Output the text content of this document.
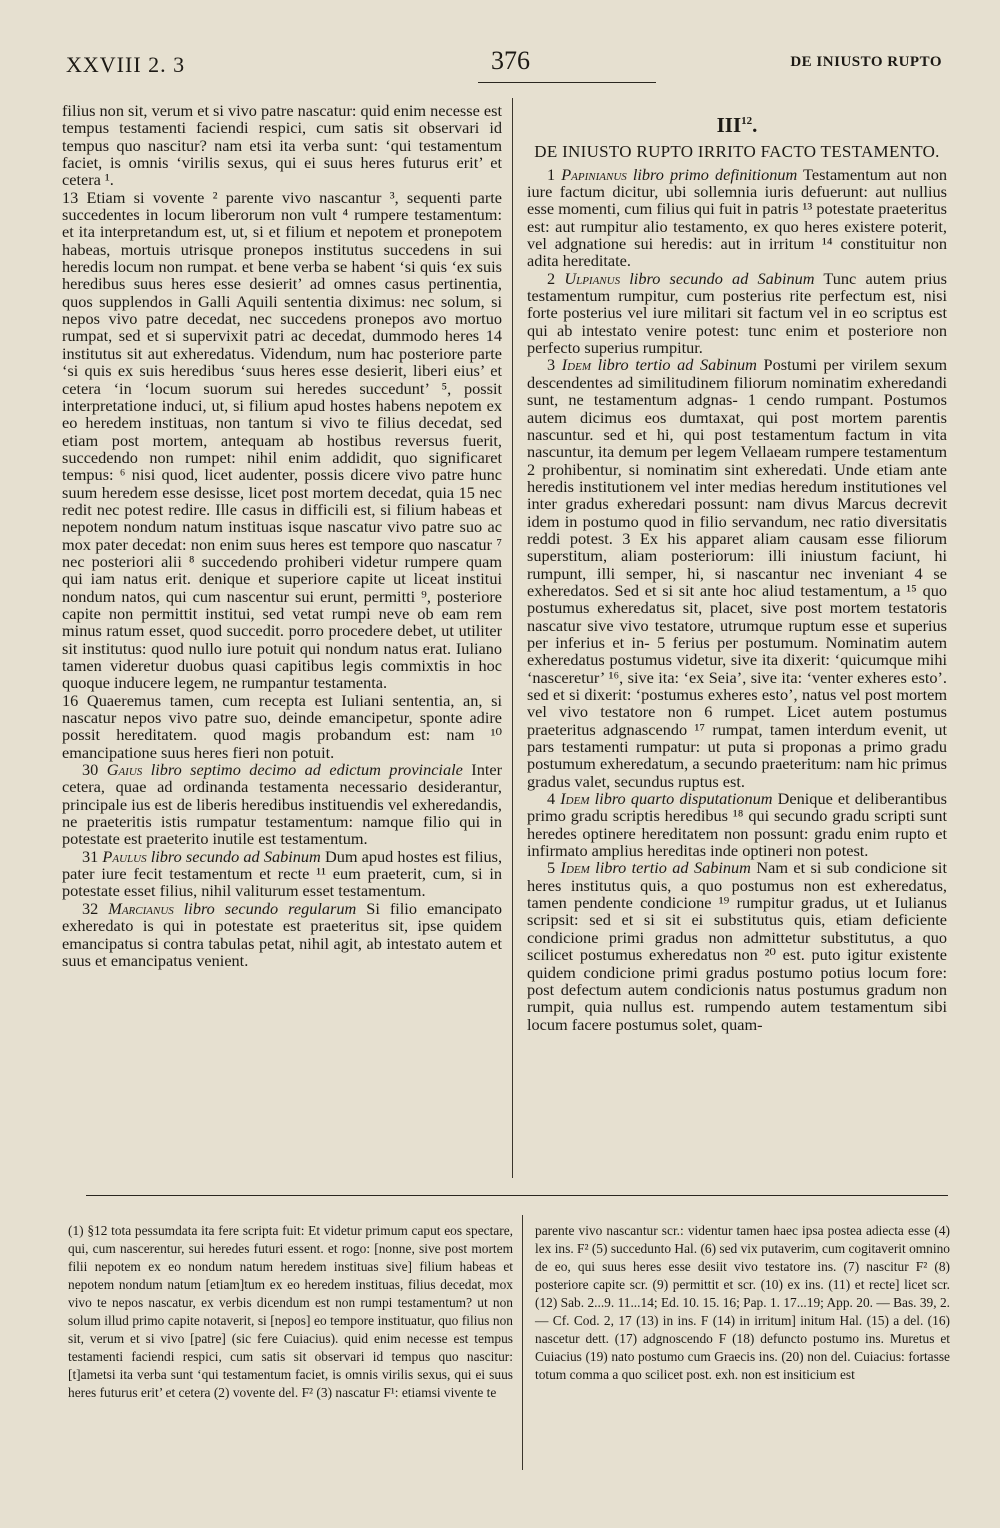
XXVIII 2. 3	376	DE INIUSTO RUPTO

filius non sit, verum et si vivo patre nascatur: quid enim necesse est tempus testamenti faciendi respici, cum satis sit observari id tempus quo nascitur? nam etsi ita verba sunt: ‘qui testamentum faciet, is omnis ‘virilis sexus, qui ei suus heres futurus erit’ et cetera ¹.

13 Etiam si vovente ² parente vivo nascantur ³, sequenti parte succedentes in locum liberorum non vult ⁴ rumpere testamentum: et ita interpretandum est, ut, si et filium et nepotem et pronepotem habeas, mortuis utrisque pronepos institutus succedens in sui heredis locum non rumpat. et bene verba se habent ‘si quis ‘ex suis heredibus suus heres esse desierit’ ad omnes casus pertinentia, quos supplendos in Galli Aquili sententia diximus: nec solum, si nepos vivo patre decedat, nec succedens pronepos avo mortuo rumpat, sed et si supervixit patri ac decedat, dummodo heres 14 institutus sit aut exheredatus. Videndum, num hac posteriore parte ‘si quis ex suis heredibus ‘suus heres esse desierit, liberi eius’ et cetera ‘in ‘locum suorum sui heredes succedunt’ ⁵, possit interpretatione induci, ut, si filium apud hostes habens nepotem ex eo heredem instituas, non tantum si vivo te filius decedat, sed etiam post mortem, antequam ab hostibus reversus fuerit, succedendo non rumpet: nihil enim addidit, quo significaret tempus: ⁶ nisi quod, licet audenter, possis dicere vivo patre hunc suum heredem esse desisse, licet post mortem decedat, quia 15 nec redit nec potest redire. Ille casus in difficili est, si filium habeas et nepotem nondum natum instituas isque nascatur vivo patre suo ac mox pater decedat: non enim suus heres est tempore quo nascatur ⁷ nec posteriori alii ⁸ succedendo prohiberi videtur rumpere quam qui iam natus erit. denique et superiore capite ut liceat institui nondum natos, qui cum nascentur sui erunt, permitti ⁹, posteriore capite non permittit institui, sed vetat rumpi neve ob eam rem minus ratum esset, quod succedit. porro procedere debet, ut utiliter sit institutus: quod nullo iure potuit qui nondum natus erat. Iuliano tamen videretur duobus quasi capitibus legis commixtis in hoc quoque inducere legem, ne rumpantur testamenta.

16 Quaeremus tamen, cum recepta est Iuliani sententia, an, si nascatur nepos vivo patre suo, deinde emancipetur, sponte adire possit hereditatem. quod magis probandum est: nam ¹⁰ emancipatione suus heres fieri non potuit.

30 Gaius libro septimo decimo ad edictum provinciale Inter cetera, quae ad ordinanda testamenta necessario desiderantur, principale ius est de liberis heredibus instituendis vel exheredandis, ne praeteritis istis rumpatur testamentum: namque filio qui in potestate est praeterito inutile est testamentum.

31 Paulus libro secundo ad Sabinum Dum apud hostes est filius, pater iure fecit testamentum et recte ¹¹ eum praeterit, cum, si in potestate esset filius, nihil valiturum esset testamentum.

32 Marcianus libro secundo regularum Si filio emancipato exheredato is qui in potestate est praeteritus sit, ipse quidem emancipatus si contra tabulas petat, nihil agit, ab intestato autem et suus et emancipatus venient.

III$^{12}$.
DE INIUSTO RUPTO IRRITO FACTO TESTAMENTO.

1 Papinianus libro primo definitionum Testamentum aut non iure factum dicitur, ubi sollemnia iuris defuerunt: aut nullius esse momenti, cum filius qui fuit in patris ¹³ potestate praeteritus est: aut rumpitur alio testamento, ex quo heres existere poterit, vel adgnatione sui heredis: aut in irritum ¹⁴ constituitur non adita hereditate.

2 Ulpianus libro secundo ad Sabinum Tunc autem prius testamentum rumpitur, cum posterius rite perfectum est, nisi forte posterius vel iure militari sit factum vel in eo scriptus est qui ab intestato venire potest: tunc enim et posteriore non perfecto superius rumpitur.

3 Idem libro tertio ad Sabinum Postumi per virilem sexum descendentes ad similitudinem filiorum nominatim exheredandi sunt, ne testamentum adgnas- 1 cendo rumpant. Postumos autem dicimus eos dumtaxat, qui post mortem parentis nascuntur. sed et hi, qui post testamentum factum in vita nascuntur, ita demum per legem Vellaeam rumpere testamentum 2 prohibentur, si nominatim sint exheredati. Unde etiam ante heredis institutionem vel inter medias heredum institutiones vel inter gradus exheredari possunt: nam divus Marcus decrevit idem in postumo quod in filio servandum, nec ratio diversitatis reddi potest. 3 Ex his apparet aliam causam esse filiorum superstitum, aliam posteriorum: illi iniustum faciunt, hi rumpunt, illi semper, hi, si nascantur nec inveniant 4 se exheredatos. Sed et si sit ante hoc aliud testamentum, a ¹⁵ quo postumus exheredatus sit, placet, sive post mortem testatoris nascatur sive vivo testatore, utrumque ruptum esse et superius per inferius et in- 5 ferius per postumum. Nominatim autem exheredatus postumus videtur, sive ita dixerit: ‘quicumque mihi ‘nasceretur’ ¹⁶, sive ita: ‘ex Seia’, sive ita: ‘venter exheres esto’. sed et si dixerit: ‘postumus exheres esto’, natus vel post mortem vel vivo testatore non 6 rumpet. Licet autem postumus praeteritus adgnascendo ¹⁷ rumpat, tamen interdum evenit, ut pars testamenti rumpatur: ut puta si proponas a primo gradu postumum exheredatum, a secundo praeteritum: nam hic primus gradus valet, secundus ruptus est.

4 Idem libro quarto disputationum Denique et deliberantibus primo gradu scriptis heredibus ¹⁸ qui secundo gradu scripti sunt heredes optinere hereditatem non possunt: gradu enim rupto et infirmato amplius hereditas inde optineri non potest.

5 Idem libro tertio ad Sabinum Nam et si sub condicione sit heres institutus quis, a quo postumus non est exheredatus, tamen pendente condicione ¹⁹ rumpitur gradus, ut et Iulianus scripsit: sed et si sit ei substitutus quis, etiam deficiente condicione primi gradus non admittetur substitutus, a quo scilicet postumus exheredatus non ²⁰ est. puto igitur existente quidem condicione primi gradus postumo potius locum fore: post defectum autem condicionis natus postumus gradum non rumpit, quia nullus est. rumpendo autem testamentum sibi locum facere postumus solet, quam-

(1) §12 tota pessumdata ita fere scripta fuit: Et videtur primum caput eos spectare, qui, cum nascerentur, sui heredes futuri essent. et rogo: [nonne, sive post mortem filii nepotem ex eo nondum natum heredem instituas sive] filium habeas et nepotem nondum natum [etiam]tum ex eo heredem instituas, filius decedat, mox vivo te nepos nascatur, ex verbis dicendum est non rumpi testamentum? ut non solum illud primo capite notaverit, si [nepos] eo tempore instituatur, quo filius non sit, verum et si vivo [patre] (sic fere Cuiacius). quid enim necesse est tempus testamenti faciendi respici, cum satis sit observari id tempus quo nascitur: [t]ametsi ita verba sunt ‘qui testamentum faciet, is omnis virilis sexus, qui ei suus heres futurus erit’ et cetera (2) vovente del. F² (3) nascatur F¹: etiamsi vivente te

parente vivo nascantur scr.: videntur tamen haec ipsa postea adiecta esse (4) lex ins. F² (5) succedunto Hal. (6) sed vix putaverim, cum cogitaverit omnino de eo, qui suus heres esse desiit vivo testatore ins. (7) nascitur F² (8) posteriore capite scr. (9) permittit et scr. (10) ex ins. (11) et recte] licet scr. (12) Sab. 2...9. 11...14; Ed. 10. 15. 16; Pap. 1. 17...19; App. 20. — Bas. 39, 2. — Cf. Cod. 2, 17 (13) in ins. F (14) in irritum] initum Hal. (15) a del. (16) nascetur dett. (17) adgnoscendo F (18) defuncto postumo ins. Muretus et Cuiacius (19) nato postumo cum Graecis ins. (20) non del. Cuiacius: fortasse totum comma a quo scilicet post. exh. non est insiticium est
